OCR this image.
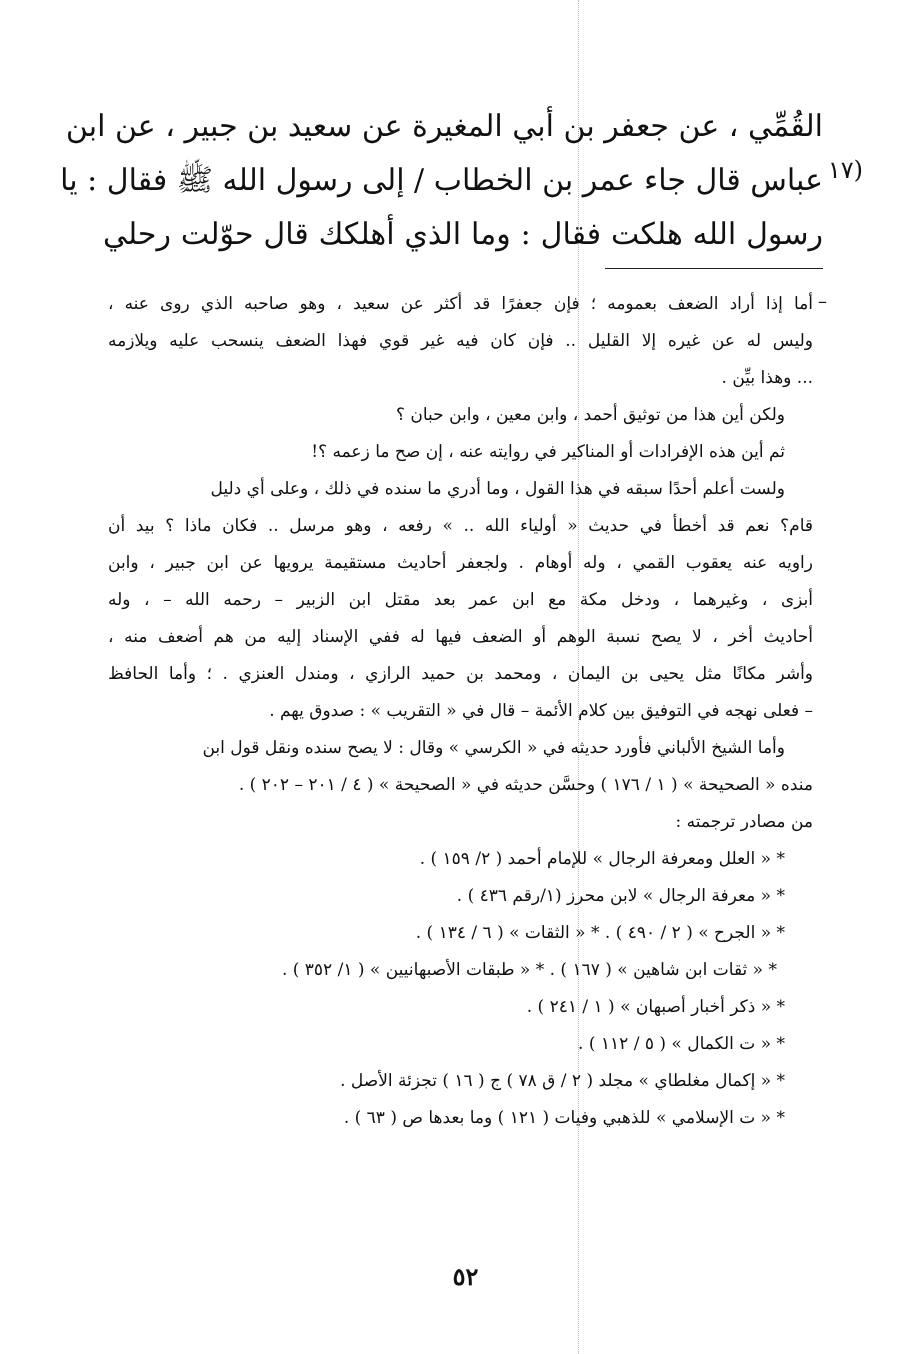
(١٧
القُمِّي ، عن جعفر بن أبي المغيرة عن سعيد بن جبير ، عن ابن
عباس قال جاء عمر بن الخطاب / إلى رسول الله ﷺ فقال : يا
رسول الله هلكت فقال : وما الذي أهلكك قال حوّلت رحلي
–
أما إذا أراد الضعف بعمومه ؛ فإن جعفرًا قد أكثر عن سعيد ، وهو صاحبه الذي روى عنه ،
وليس له عن غيره إلا القليل .. فإن كان فيه غير قوي فهذا الضعف ينسحب عليه ويلازمه
... وهذا بيِّن .
ولكن أين هذا من توثيق أحمد ، وابن معين ، وابن حبان ؟
ثم أين هذه الإفرادات أو المناكير في روايته عنه ، إن صح ما زعمه ؟!
ولست أعلم أحدًا سبقه في هذا القول ، وما أدري ما سنده في ذلك ، وعلى أي دليل
قام؟ نعم قد أخطأ في حديث « أولياء الله .. » رفعه ، وهو مرسل .. فكان ماذا ؟ بيد أن
راويه عنه يعقوب القمي ، وله أوهام . ولجعفر أحاديث مستقيمة يرويها عن ابن جبير ، وابن
أبزى ، وغيرهما ، ودخل مكة مع ابن عمر بعد مقتل ابن الزبير – رحمه الله – ، وله
أحاديث أخر ، لا يصح نسبة الوهم أو الضعف فيها له ففي الإسناد إليه من هم أضعف منه ،
وأشر مكانًا مثل يحيى بن اليمان ، ومحمد بن حميد الرازي ، ومندل العنزي . ؛ وأما الحافظ
– فعلى نهجه في التوفيق بين كلام الأئمة – قال في « التقريب » : صدوق يهم .
وأما الشيخ الألباني فأورد حديثه في « الكرسي » وقال : لا يصح سنده ونقل قول ابن
منده « الصحيحة » ( ١ / ١٧٦ ) وحسَّن حديثه في « الصحيحة » ( ٤ / ٢٠١ – ٢٠٢ ) .
من مصادر ترجمته :
* « العلل ومعرفة الرجال » للإمام أحمد ( ٢/ ١٥٩ ) .
* « معرفة الرجال » لابن محرز (١/رقم ٤٣٦ ) .
* « الجرح » ( ٢ / ٤٩٠ ) . * « الثقات » ( ٦ / ١٣٤ ) .
* « ثقات ابن شاهين » ( ١٦٧ ) . * « طبقات الأصبهانيين » ( ١/ ٣٥٢ ) .
* « ذكر أخبار أصبهان » ( ١ / ٢٤١ ) .
* « ت الكمال » ( ٥ / ١١٢ ) .
* « إكمال مغلطاي » مجلد ( ٢ / ق ٧٨ ) ج ( ١٦ ) تجزئة الأصل .
* « ت الإسلامي » للذهبي وفيات ( ١٢١ ) وما بعدها ص ( ٦٣ ) .
٥٢
